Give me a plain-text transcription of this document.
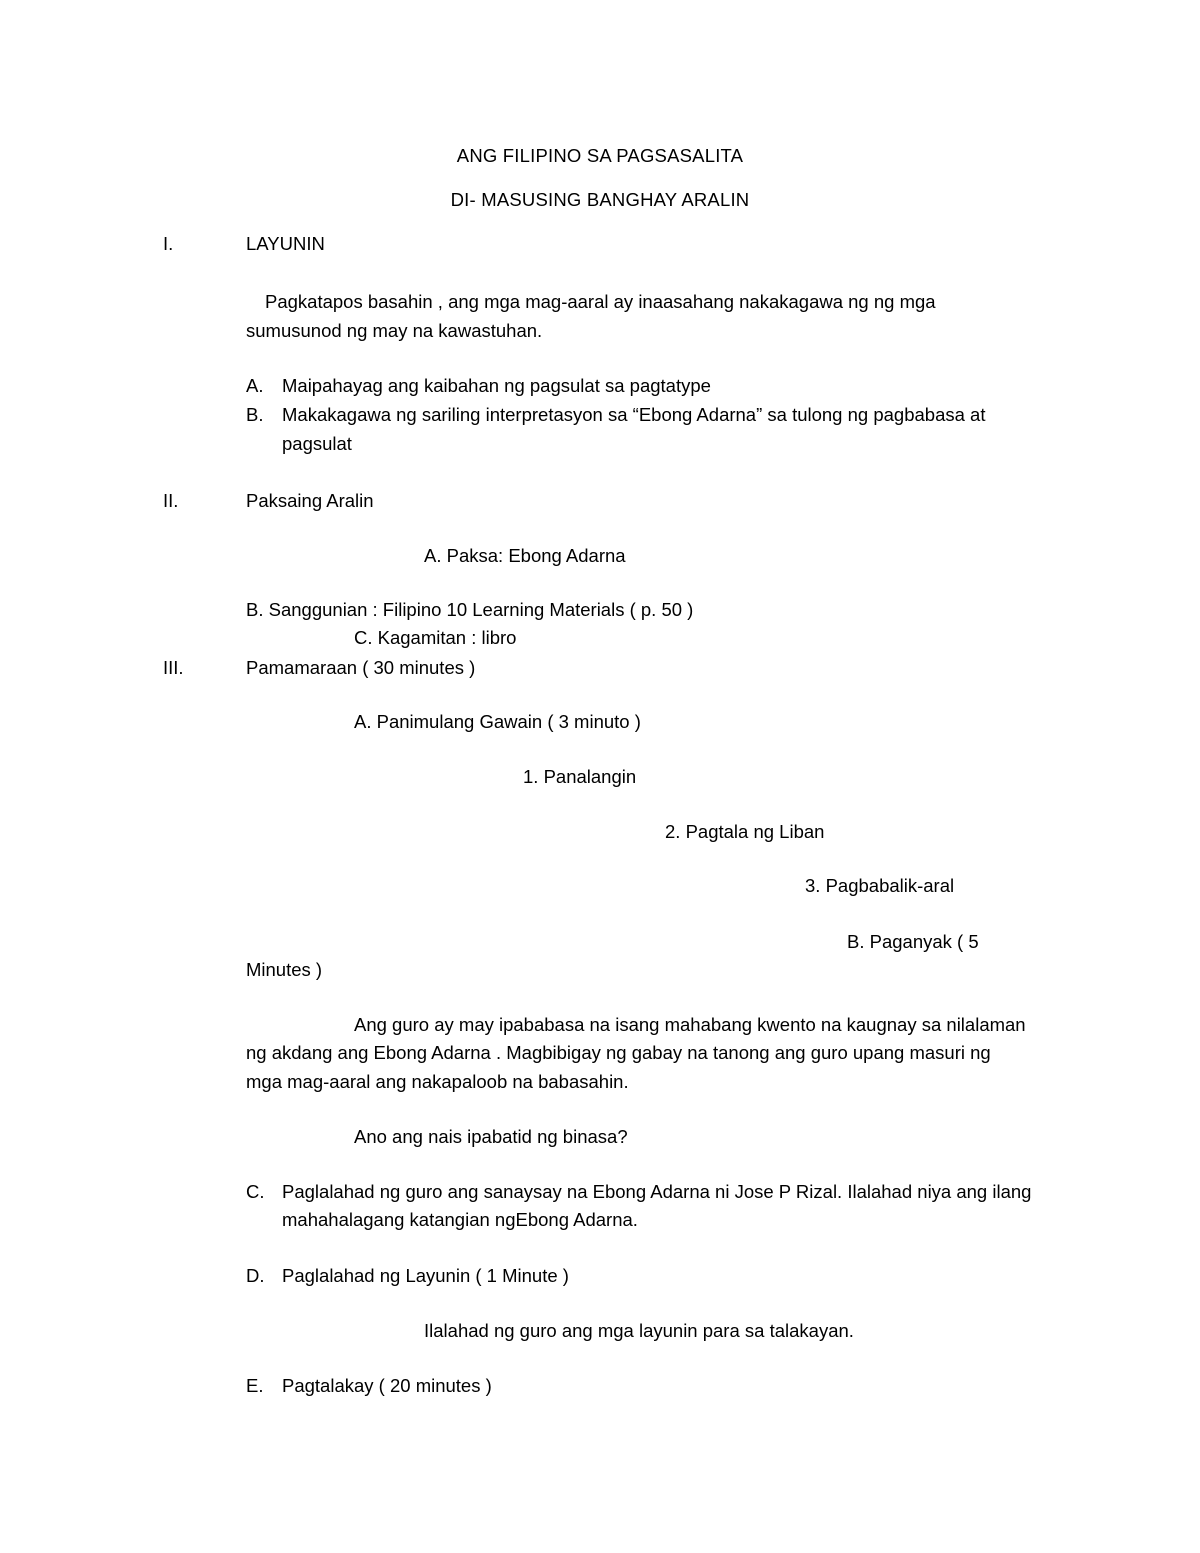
ANG FILIPINO SA PAGSASALITA
DI- MASUSING BANGHAY ARALIN
I.	LAYUNIN
Pagkatapos basahin , ang mga mag-aaral ay inaasahang nakakagawa ng ng mga
sumusunod ng may na kawastuhan.
A. Maipahayag ang kaibahan ng pagsulat sa pagtatype
B. Makakagawa ng sariling interpretasyon sa “Ebong Adarna” sa tulong ng pagbabasa at
pagsulat
II.	Paksaing Aralin
A. Paksa: Ebong Adarna
B. Sanggunian : Filipino 10 Learning Materials ( p. 50 )
C. Kagamitan : libro
III.	Pamamaraan ( 30 minutes )
A. Panimulang Gawain ( 3 minuto )
1. Panalangin
2. Pagtala ng Liban
3. Pagbabalik-aral
B. Paganyak ( 5
Minutes )
Ang guro ay may ipababasa na isang mahabang kwento na kaugnay sa nilalaman
ng akdang ang Ebong Adarna . Magbibigay ng gabay na tanong ang guro upang masuri ng
mga mag-aaral ang nakapaloob na babasahin.
Ano ang nais ipabatid ng binasa?
C. Paglalahad ng guro ang sanaysay na Ebong Adarna ni Jose P Rizal. Ilalahad niya ang ilang
mahahalagang katangian ngEbong Adarna.
D. Paglalahad ng Layunin ( 1 Minute )
Ilalahad ng guro ang mga layunin para sa talakayan.
E. Pagtalakay ( 20 minutes )
